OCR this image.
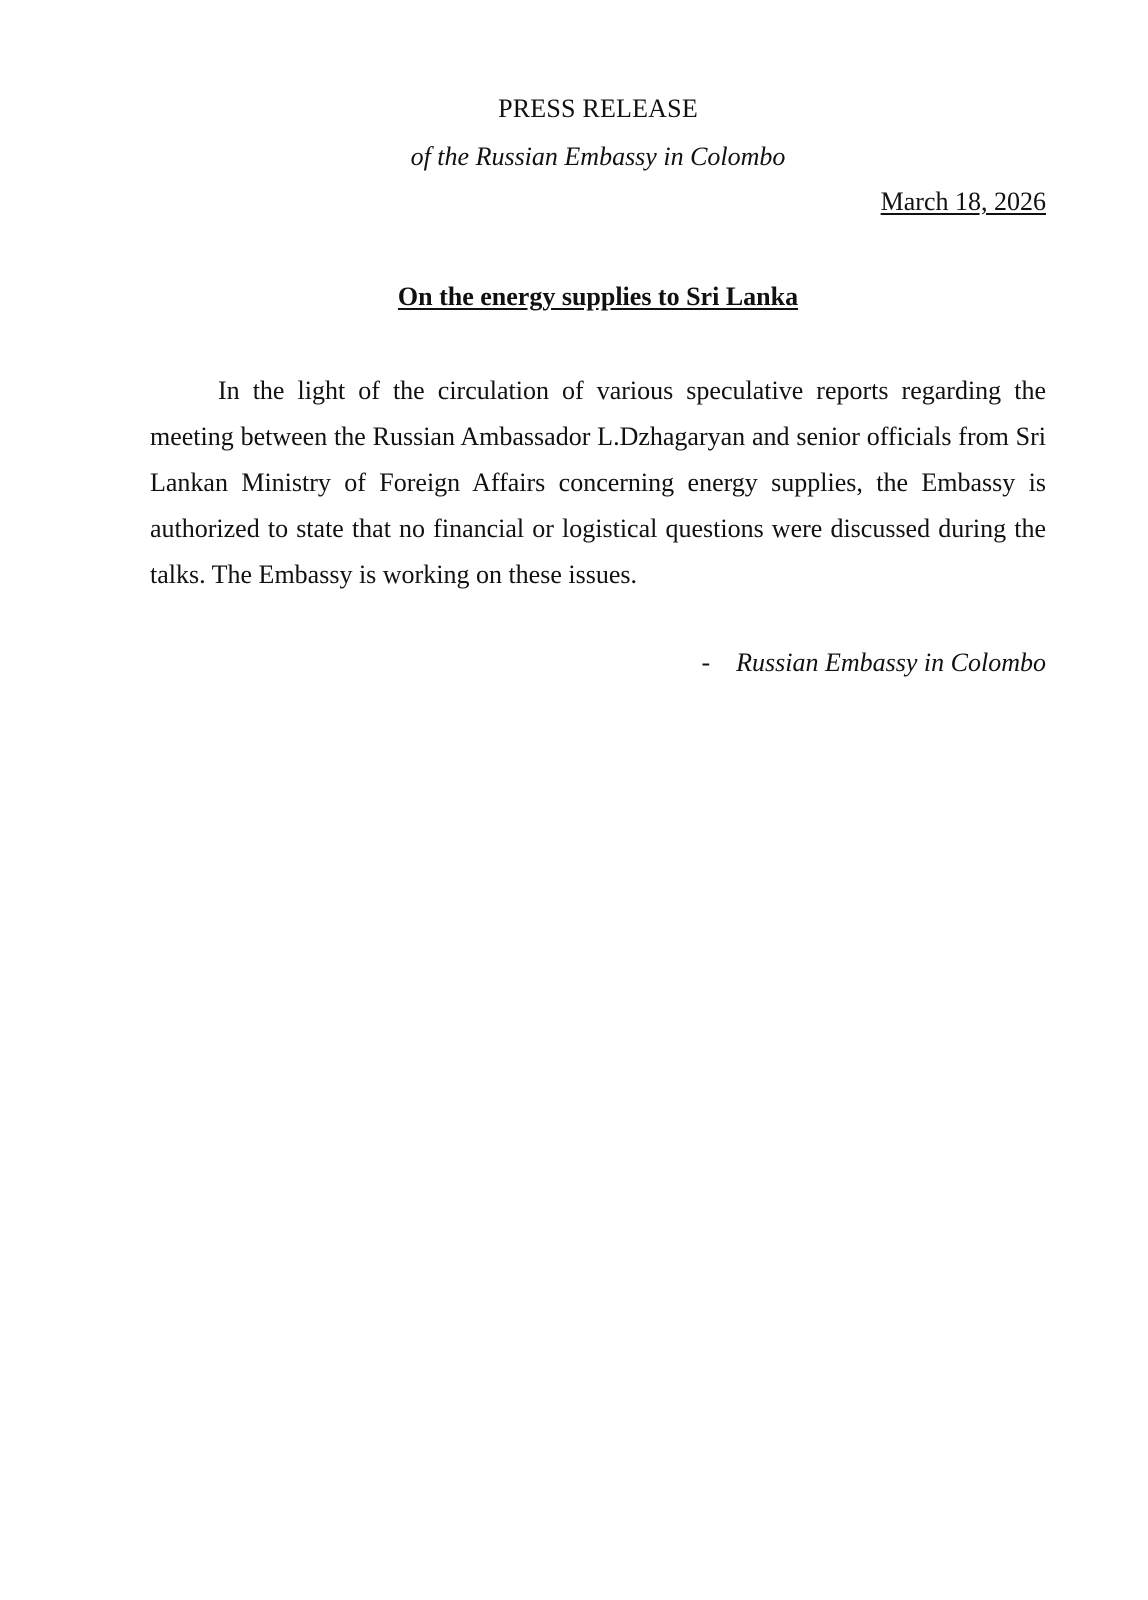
PRESS RELEASE
of the Russian Embassy in Colombo
March 18, 2026
On the energy supplies to Sri Lanka

In the light of the circulation of various speculative reports regarding the meeting between the Russian Ambassador L.Dzhagaryan and senior officials from Sri Lankan Ministry of Foreign Affairs concerning energy supplies, the Embassy is authorized to state that no financial or logistical questions were discussed during the talks. The Embassy is working on these issues.

- Russian Embassy in Colombo
